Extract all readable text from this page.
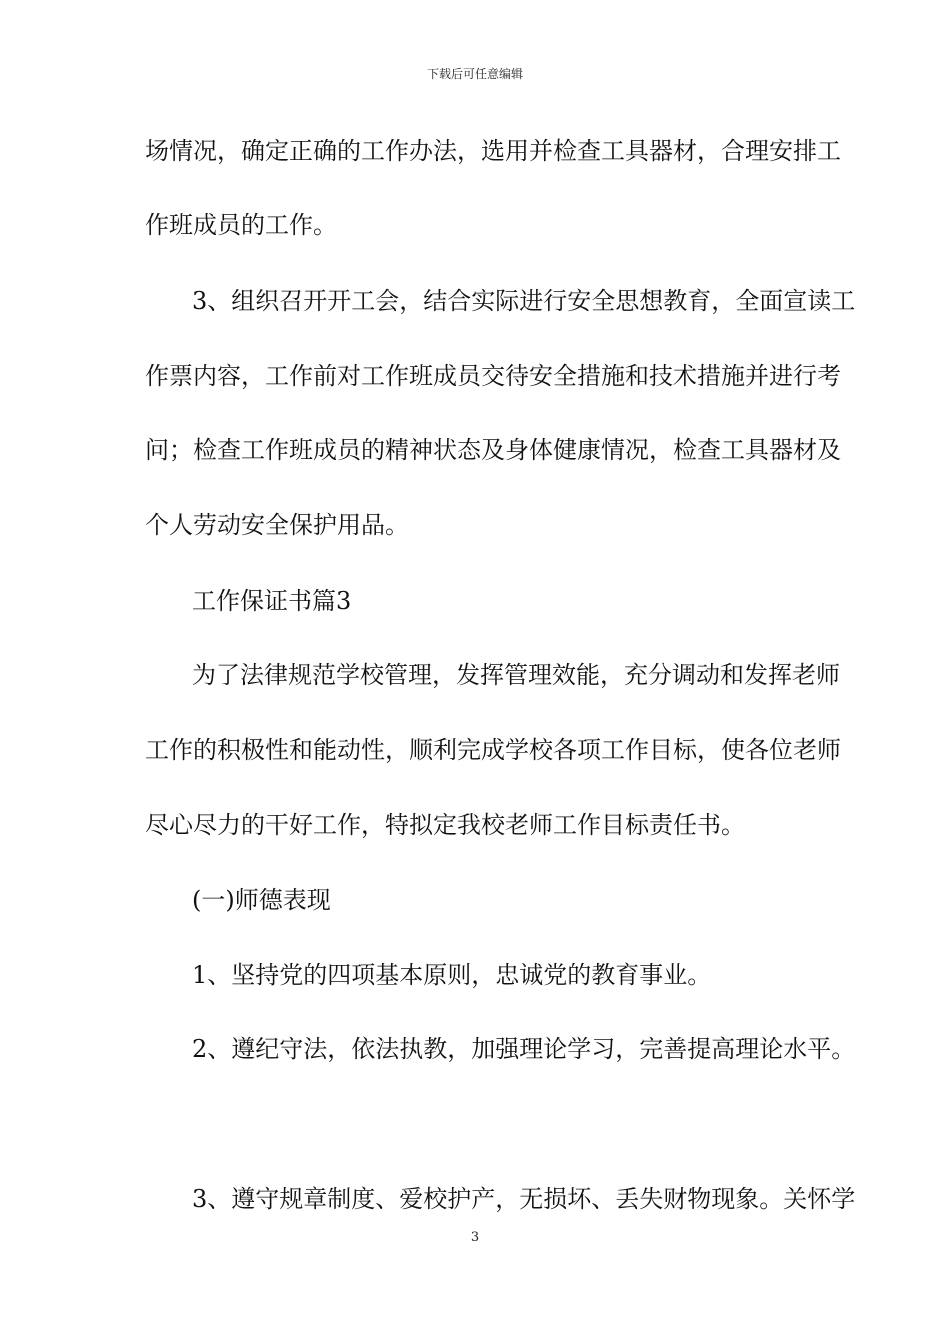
下载后可任意编辑
场情况，确定正确的工作办法，选用并检查工具器材，合理安排工
作班成员的工作。
3、组织召开开工会，结合实际进行安全思想教育，全面宣读工
作票内容，工作前对工作班成员交待安全措施和技术措施并进行考
问；检查工作班成员的精神状态及身体健康情况，检查工具器材及
个人劳动安全保护用品。
工作保证书篇3
为了法律规范学校管理，发挥管理效能，充分调动和发挥老师
工作的积极性和能动性，顺利完成学校各项工作目标，使各位老师
尽心尽力的干好工作，特拟定我校老师工作目标责任书。
(一)师德表现
1、坚持党的四项基本原则，忠诚党的教育事业。
2、遵纪守法，依法执教，加强理论学习，完善提高理论水平。
3、遵守规章制度、爱校护产，无损坏、丢失财物现象。关怀学
3
